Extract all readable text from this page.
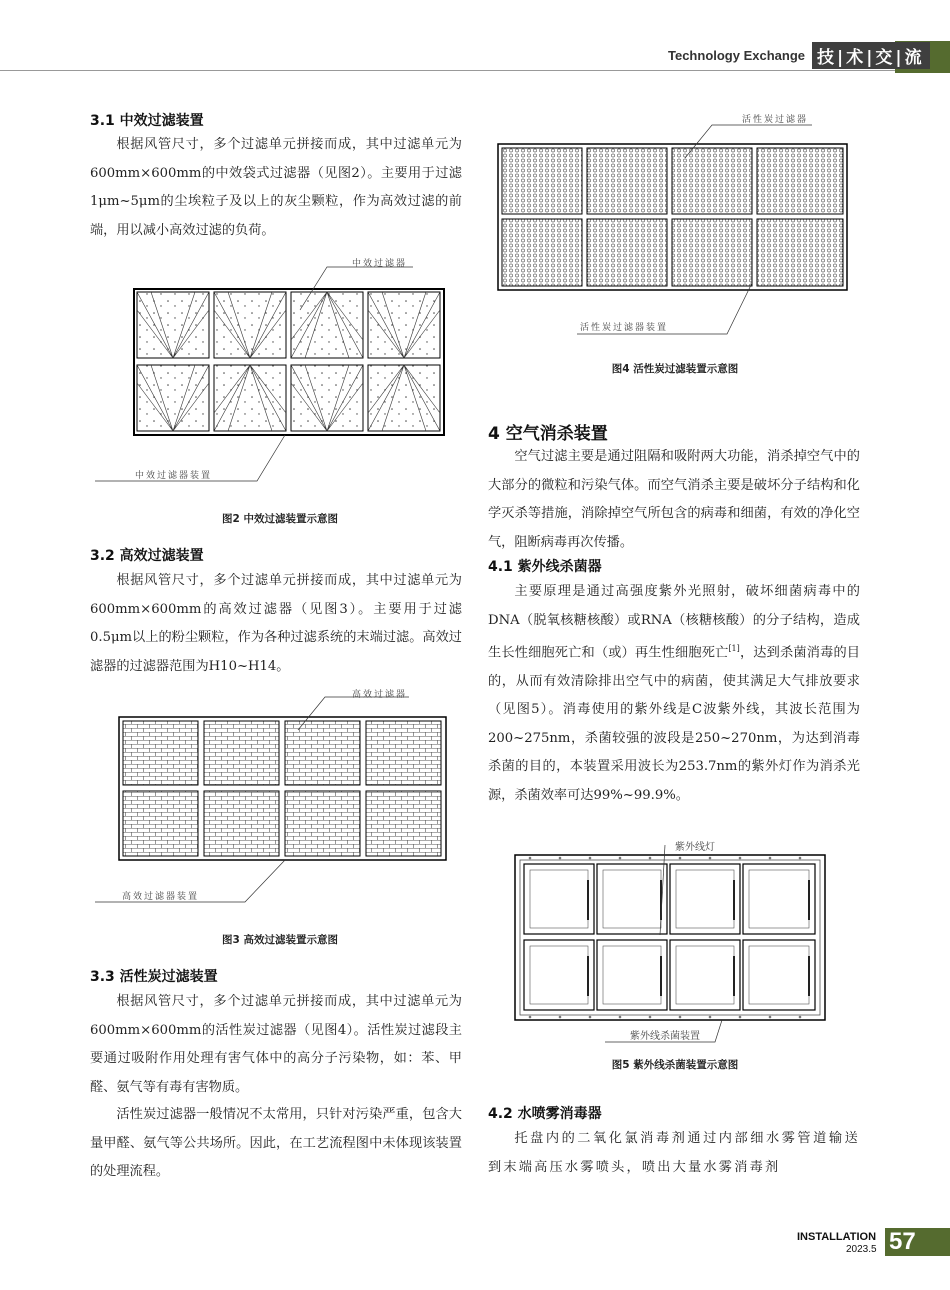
Technology Exchange 技|术|交|流
3.1 中效过滤装置
根据风管尺寸，多个过滤单元拼接而成，其中过滤单元为600mm×600mm的中效袋式过滤器（见图2）。主要用于过滤1μm~5μm的尘埃粒子及以上的灰尘颗粒，作为高效过滤的前端，用以减小高效过滤的负荷。
中效过滤器
中效过滤器装置
图2 中效过滤装置示意图
3.2 高效过滤装置
根据风管尺寸，多个过滤单元拼接而成，其中过滤单元为600mm×600mm的高效过滤器（见图3）。主要用于过滤0.5μm以上的粉尘颗粒，作为各种过滤系统的末端过滤。高效过滤器的过滤器范围为H10~H14。
高效过滤器
高效过滤器装置
图3 高效过滤装置示意图
3.3 活性炭过滤装置
根据风管尺寸，多个过滤单元拼接而成，其中过滤单元为600mm×600mm的活性炭过滤器（见图4）。活性炭过滤段主要通过吸附作用处理有害气体中的高分子污染物，如：苯、甲醛、氨气等有毒有害物质。
活性炭过滤器一般情况不太常用，只针对污染严重，包含大量甲醛、氨气等公共场所。因此，在工艺流程图中未体现该装置的处理流程。
活性炭过滤器
活性炭过滤器装置
图4 活性炭过滤装置示意图
4 空气消杀装置
空气过滤主要是通过阻隔和吸附两大功能，消杀掉空气中的大部分的微粒和污染气体。而空气消杀主要是破坏分子结构和化学灭杀等措施，消除掉空气所包含的病毒和细菌，有效的净化空气，阻断病毒再次传播。
4.1 紫外线杀菌器
主要原理是通过高强度紫外光照射，破坏细菌病毒中的DNA（脱氧核糖核酸）或RNA（核糖核酸）的分子结构，造成生长性细胞死亡和（或）再生性细胞死亡[1]，达到杀菌消毒的目的，从而有效清除排出空气中的病菌，使其满足大气排放要求（见图5）。消毒使用的紫外线是C波紫外线，其波长范围为200~275nm，杀菌较强的波段是250~270nm，为达到消毒杀菌的目的，本装置采用波长为253.7nm的紫外灯作为消杀光源，杀菌效率可达99%~99.9%。
紫外线灯
紫外线杀菌装置
图5 紫外线杀菌装置示意图
4.2 水喷雾消毒器
托盘内的二氧化氯消毒剂通过内部细水雾管道输送到末端高压水雾喷头，喷出大量水雾消毒剂
INSTALLATION
2023.5 57
